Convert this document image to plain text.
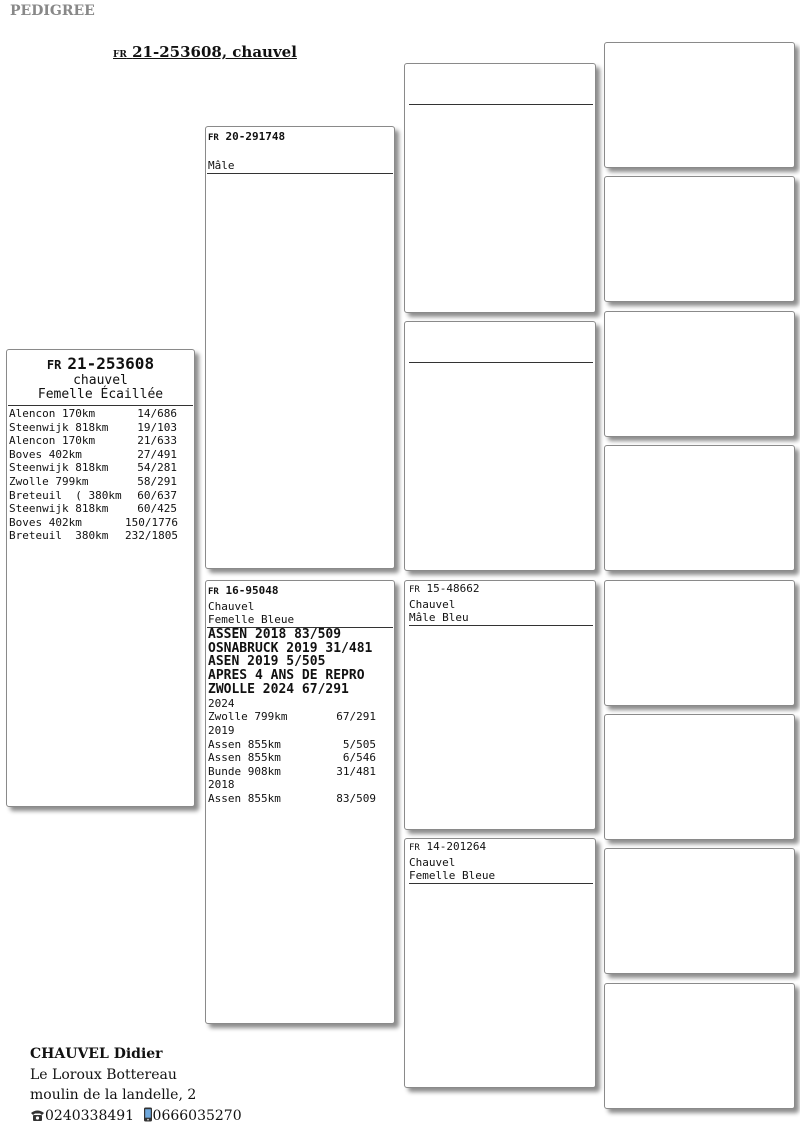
PEDIGREE
FR 21-253608, chauvel
FR 21-253608
chauvel
Femelle Écaillée
Alencon 170km	14/686
Steenwijk 818km	19/103
Alencon 170km	21/633
Boves 402km	27/491
Steenwijk 818km	54/281
Zwolle 799km	58/291
Breteuil  ( 380km	60/637
Steenwijk 818km	60/425
Boves 402km	150/1776
Breteuil  380km	232/1805
FR 20-291748
Mâle
FR 16-95048
Chauvel
Femelle Bleue
ASSEN 2018 83/509
OSNABRUCK 2019 31/481
ASEN 2019 5/505
APRES 4 ANS DE REPRO
ZWOLLE 2024 67/291
2024
Zwolle 799km	67/291
2019
Assen 855km	5/505
Assen 855km	6/546
Bunde 908km	31/481
2018
Assen 855km	83/509
FR 15-48662
Chauvel
Mâle Bleu
FR 14-201264
Chauvel
Femelle Bleue
CHAUVEL Didier
Le Loroux Bottereau
moulin de la landelle, 2
0240338491 0666035270
